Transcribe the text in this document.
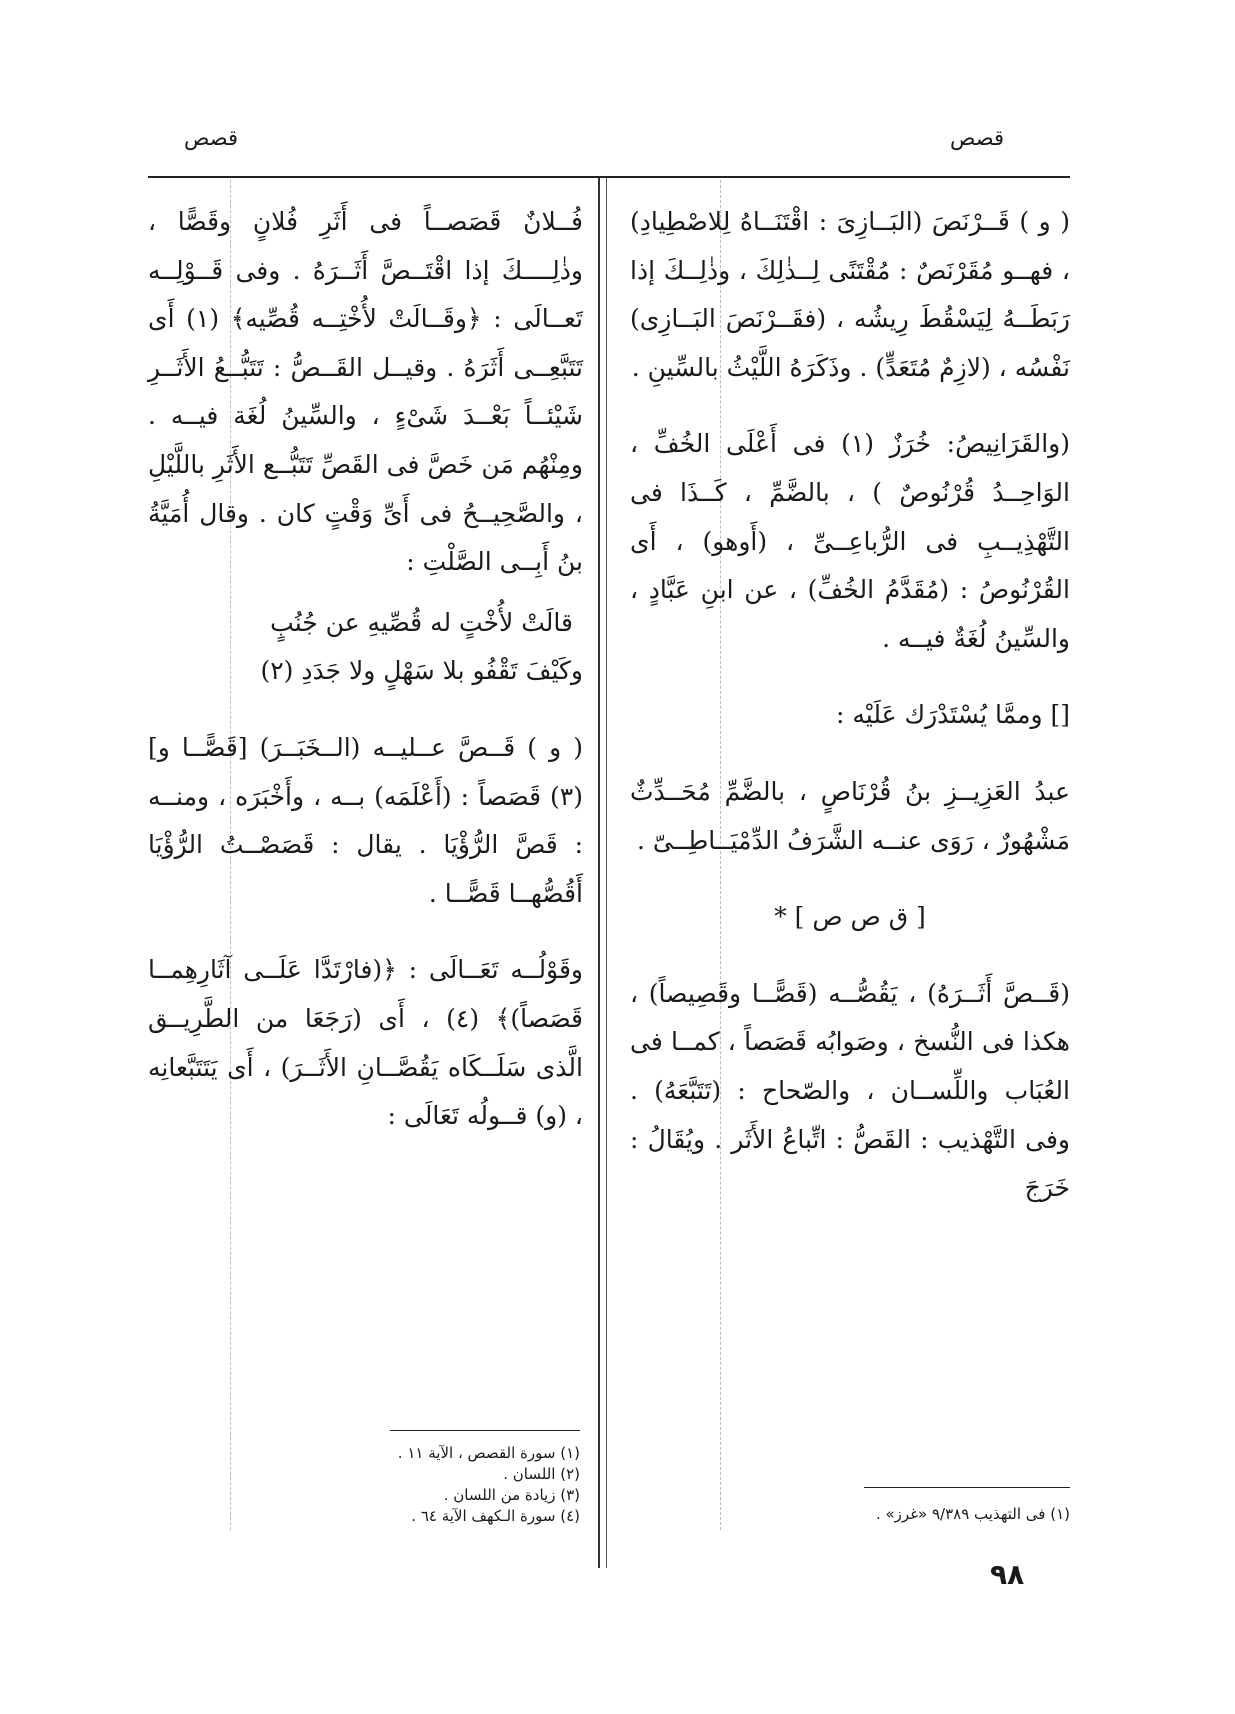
قصص
قصص

( و ) قَــرْنَصَ (البَــازِىَ : اقْتَنَــاهُ لِلاصْطِيادِ) ، فهــو مُقَرْنَصٌ : مُقْتَنًى لِــذٰلِكَ ، وذٰلِــكَ إذا رَبَطَــهُ لِيَسْقُطَ رِيشُه ، (فقَــرْنَصَ البَــازِى) نَفْسُه ، (لازِمٌ مُتَعَدٍّ) . وذَكَرَهُ اللَّيْثُ بالسِّينِ .

(والقَرَانِيصُ: خُرَزٌ (١) فى أَعْلَى الخُفِّ ، الوَاحِــدُ قُرْنُوصٌ ) ، بالضَّمِّ ، كَــذَا فى التَّهْذِيــبِ فى الرُّباعِــىِّ ، (أَوهو) ، أَى القُرْنُوصُ : (مُقَدَّمُ الخُفِّ) ، عن ابنِ عَبَّادٍ ، والسِّينُ لُغَةٌ فيــه .

[] وممَّا يُسْتَدْرَك عَلَيْه :

عبدُ العَزِيــزِ بنُ قُرْنَاصٍ ، بالضَّمِّ مُحَــدِّثٌ مَشْهُورٌ ، رَوَى عنــه الشَّرَفُ الدِّمْيَــاطِــىّ .

[ ق ص ص ] *

(قَــصَّ أَثَــرَهُ) ، يَقُصُّــه (قَصًّــا وقَصِيصاً) ، هكذا فى النُّسخ ، وصَوابُه قَصَصاً ، كمــا فى العُبَاب واللِّســان ، والصّحاح : (تَتَبَّعَهُ) . وفى التَّهْذيب : القَصُّ : اتِّباعُ الأَثَر . ويُقَالُ : خَرَجَ

فُــلانٌ قَصَصــاً فى أَثَرِ فُلانٍ وقَصًّا ، وذٰلِــــكَ إذا اقْتَــصَّ أَثَــرَهُ . وفى قَــوْلِــه تَعــالَى : ﴿وقَــالَتْ لأُخْتِــه قُصِّيه﴾ (١) أَى تَتَبَّعِــى أَثَرَهُ . وقيــل القَــصُّ : تَتَبُّــعُ الأَثَــرِ شَيْئــاً بَعْــدَ شَىْءٍ ، والسِّينُ لُغَة فيــه . ومِنْهُم مَن خَصَّ فى القَصِّ تَتَبُّــع الأَثَرِ باللَّيْلِ ، والصَّحِيــحُ فى أَىِّ وَقْتٍ كان . وقال أُمَيَّةُ بنُ أَبِــى الصَّلْتِ :

قالَتْ لأُخْتٍ له قُصِّيهِ عن جُنُبٍ

وكَيْفَ تَقْفُو بلا سَهْلٍ ولا جَدَدِ (٢)

( و ) قَــصَّ عــليــه (الــخَبَــرَ) [قَصًّــا و] (٣) قَصَصاً : (أَعْلَمَه) بــه ، وأَخْبَرَه ، ومنــه : قَصَّ الرُّؤْيَا . يقال : قَصَصْــتُ الرُّؤْيَا أَقُصُّهــا قَصًّــا .

وقَوْلُــه تَعَــالَى : ﴿(فارْتَدَّا عَلَــى آثَارِهِمــا قَصَصاً)﴾ (٤) ، أَى (رَجَعَا من الطَّرِيــق الَّذى سَلَــكَاه يَقُصَّــانِ الأَثَــرَ) ، أَى يَتَتَبَّعانِه ، (و) قــولُه تَعَالَى :

(١) فى التهذيب ٩/٣٨٩ «غرز» .
(١) سورة القصص ، الآية ١١ .
(٢) اللسان .
(٣) زيادة من اللسان .
(٤) سورة الـكهف الآية ٦٤ .
٩٨
